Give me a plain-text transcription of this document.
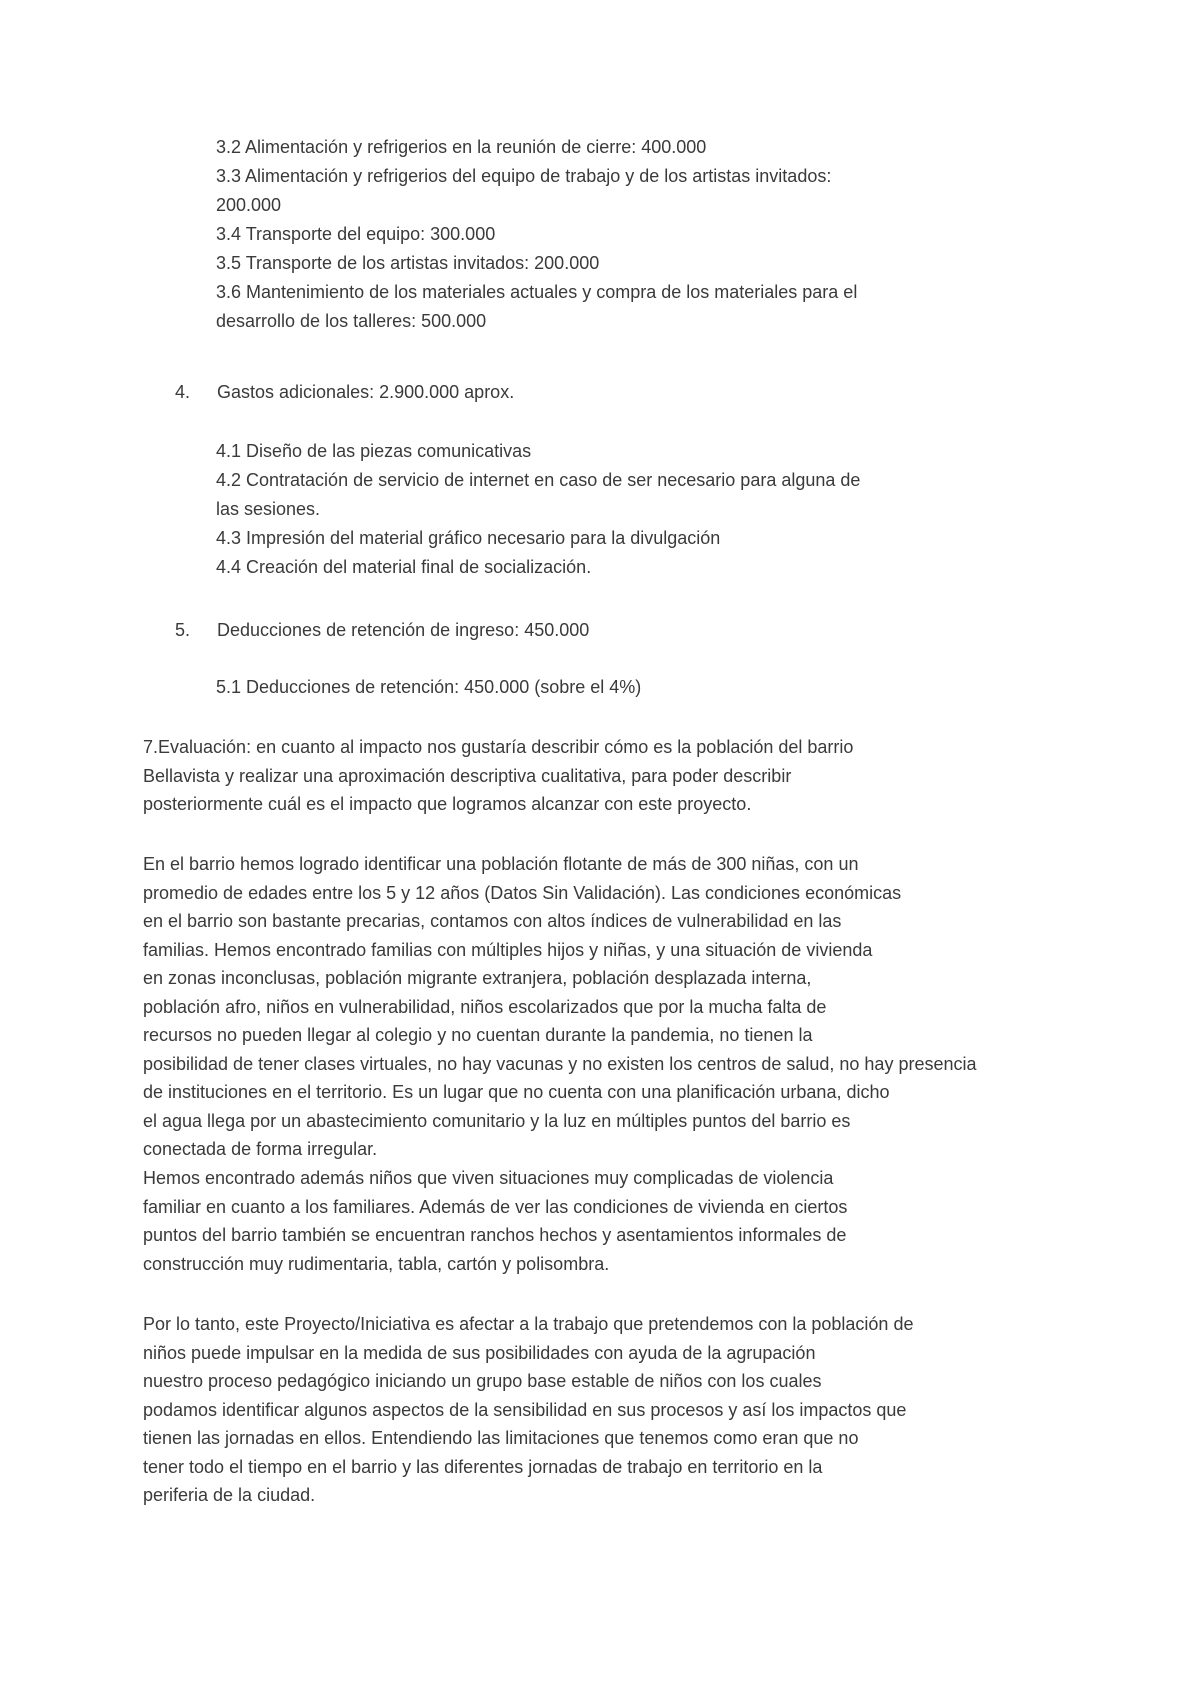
3.2 Alimentación y refrigerios en la reunión de cierre: 400.000
3.3 Alimentación y refrigerios del equipo de trabajo y de los artistas invitados:
200.000
3.4 Transporte del equipo: 300.000
3.5 Transporte de los artistas invitados: 200.000
3.6 Mantenimiento de los materiales actuales y compra de los materiales para el
desarrollo de los talleres: 500.000
4. Gastos adicionales: 2.900.000 aprox.
4.1 Diseño de las piezas comunicativas
4.2 Contratación de servicio de internet en caso de ser necesario para alguna de
las sesiones.
4.3 Impresión del material gráfico necesario para la divulgación
4.4 Creación del material final de socialización.
5. Deducciones de retención de ingreso: 450.000
5.1 Deducciones de retención: 450.000 (sobre el 4%)
7.Evaluación: en cuanto al impacto nos gustaría describir cómo es la población del barrio
Bellavista y realizar una aproximación descriptiva cualitativa, para poder describir
posteriormente cuál es el impacto que logramos alcanzar con este proyecto.
En el barrio hemos logrado identificar una población flotante de más de 300 niñas, con un
promedio de edades entre los 5 y 12 años (Datos Sin Validación). Las condiciones económicas
en el barrio son bastante precarias, contamos con altos índices de vulnerabilidad en las
familias. Hemos encontrado familias con múltiples hijos y niñas, y una situación de vivienda
en zonas inconclusas, población migrante extranjera, población desplazada interna,
población afro, niños en vulnerabilidad, niños escolarizados que por la mucha falta de
recursos no pueden llegar al colegio y no cuentan durante la pandemia, no tienen la
posibilidad de tener clases virtuales, no hay vacunas y no existen los centros de salud, no hay presencia
de instituciones en el territorio. Es un lugar que no cuenta con una planificación urbana, dicho
el agua llega por un abastecimiento comunitario y la luz en múltiples puntos del barrio es
conectada de forma irregular.
Hemos encontrado además niños que viven situaciones muy complicadas de violencia
familiar en cuanto a los familiares. Además de ver las condiciones de vivienda en ciertos
puntos del barrio también se encuentran ranchos hechos y asentamientos informales de
construcción muy rudimentaria, tabla, cartón y polisombra.
Por lo tanto, este Proyecto/Iniciativa es afectar a la trabajo que pretendemos con la población de
niños puede impulsar en la medida de sus posibilidades con ayuda de la agrupación
nuestro proceso pedagógico iniciando un grupo base estable de niños con los cuales
podamos identificar algunos aspectos de la sensibilidad en sus procesos y así los impactos que
tienen las jornadas en ellos. Entendiendo las limitaciones que tenemos como eran que no
tener todo el tiempo en el barrio y las diferentes jornadas de trabajo en territorio en la
periferia de la ciudad.
